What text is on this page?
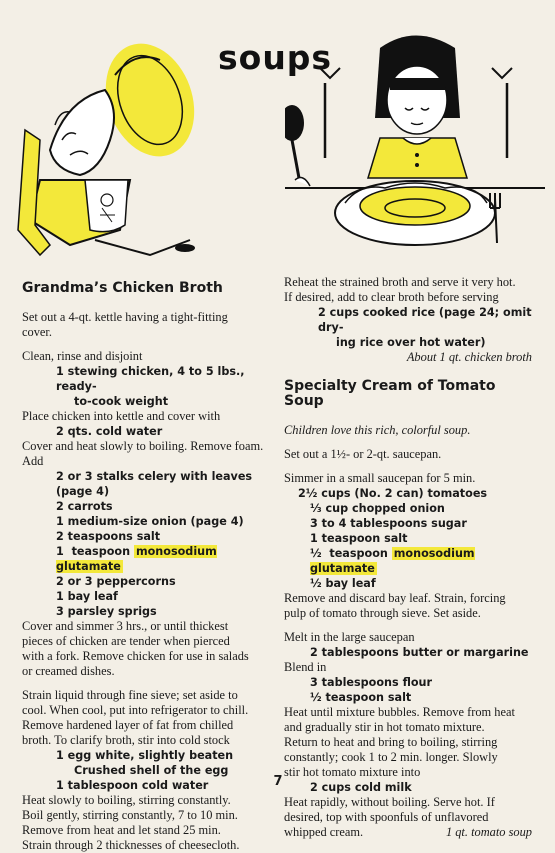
soups
Grandma’s Chicken Broth

Set out a 4-qt. kettle having a tight-fitting

cover.

Clean, rinse and disjoint

1 stewing chicken, 4 to 5 lbs., ready-
to-cook weight

Place chicken into kettle and cover with

2 qts. cold water

Cover and heat slowly to boiling. Remove foam.

Add

2 or 3 stalks celery with leaves (page 4)
2 carrots
1 medium-size onion (page 4)
2 teaspoons salt
1  teaspoon monosodium glutamate
2 or 3 peppercorns
1 bay leaf
3 parsley sprigs

Cover and simmer 3 hrs., or until thickest

pieces of chicken are tender when pierced

with a fork. Remove chicken for use in salads

or creamed dishes.

Strain liquid through fine sieve; set aside to

cool. When cool, put into refrigerator to chill.

Remove hardened layer of fat from chilled

broth. To clarify broth, stir into cold stock

1 egg white, slightly beaten
Crushed shell of the egg
1 tablespoon cold water

Heat slowly to boiling, stirring constantly.

Boil gently, stirring constantly, 7 to 10 min.

Remove from heat and let stand 25 min.

Strain through 2 thicknesses of cheesecloth.

Reheat the strained broth and serve it very hot.

If desired, add to clear broth before serving

2 cups cooked rice (page 24; omit dry-
ing rice over hot water)

About 1 qt. chicken broth

Specialty Cream of Tomato Soup

Children love this rich, colorful soup.

Set out a 1½- or 2-qt. saucepan.

Simmer in a small saucepan for 5 min.

2½ cups (No. 2 can) tomatoes
⅓ cup chopped onion
3 to 4 tablespoons sugar
1 teaspoon salt
½  teaspoon monosodium glutamate
½ bay leaf

Remove and discard bay leaf. Strain, forcing

pulp of tomato through sieve. Set aside.

Melt in the large saucepan

2 tablespoons butter or margarine

Blend in

3 tablespoons flour
½ teaspoon salt

Heat until mixture bubbles. Remove from heat

and gradually stir in hot tomato mixture.

Return to heat and bring to boiling, stirring

constantly; cook 1 to 2 min. longer. Slowly

stir hot tomato mixture into

2 cups cold milk

Heat rapidly, without boiling. Serve hot. If

desired, top with spoonfuls of unflavored

whipped cream.	1 qt. tomato soup

7
